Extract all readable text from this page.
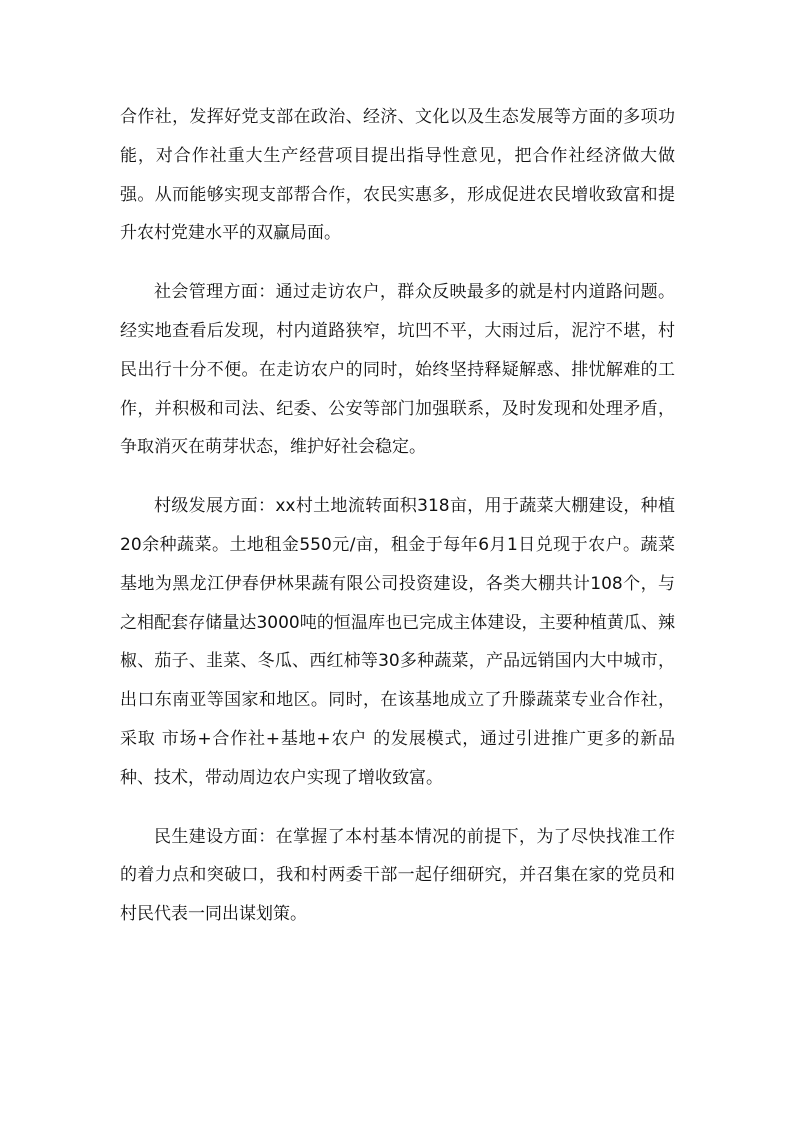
合作社，发挥好党支部在政治、经济、文化以及生态发展等方面的多项功能，对合作社重大生产经营项目提出指导性意见，把合作社经济做大做强。从而能够实现支部帮合作，农民实惠多，形成促进农民增收致富和提升农村党建水平的双赢局面。

社会管理方面：通过走访农户，群众反映最多的就是村内道路问题。经实地查看后发现，村内道路狭窄，坑凹不平，大雨过后，泥泞不堪，村民出行十分不便。在走访农户的同时，始终坚持释疑解惑、排忧解难的工作，并积极和司法、纪委、公安等部门加强联系，及时发现和处理矛盾，争取消灭在萌芽状态，维护好社会稳定。

村级发展方面：xx村土地流转面积318亩，用于蔬菜大棚建设，种植20余种蔬菜。土地租金550元/亩，租金于每年6月1日兑现于农户。蔬菜基地为黑龙江伊春伊林果蔬有限公司投资建设，各类大棚共计108个，与之相配套存储量达3000吨的恒温库也已完成主体建设，主要种植黄瓜、辣椒、茄子、韭菜、冬瓜、西红柿等30多种蔬菜，产品远销国内大中城市，出口东南亚等国家和地区。同时，在该基地成立了升滕蔬菜专业合作社，采取 市场+合作社+基地+农户 的发展模式，通过引进推广更多的新品种、技术，带动周边农户实现了增收致富。

民生建设方面：在掌握了本村基本情况的前提下，为了尽快找准工作的着力点和突破口，我和村两委干部一起仔细研究，并召集在家的党员和村民代表一同出谋划策。
